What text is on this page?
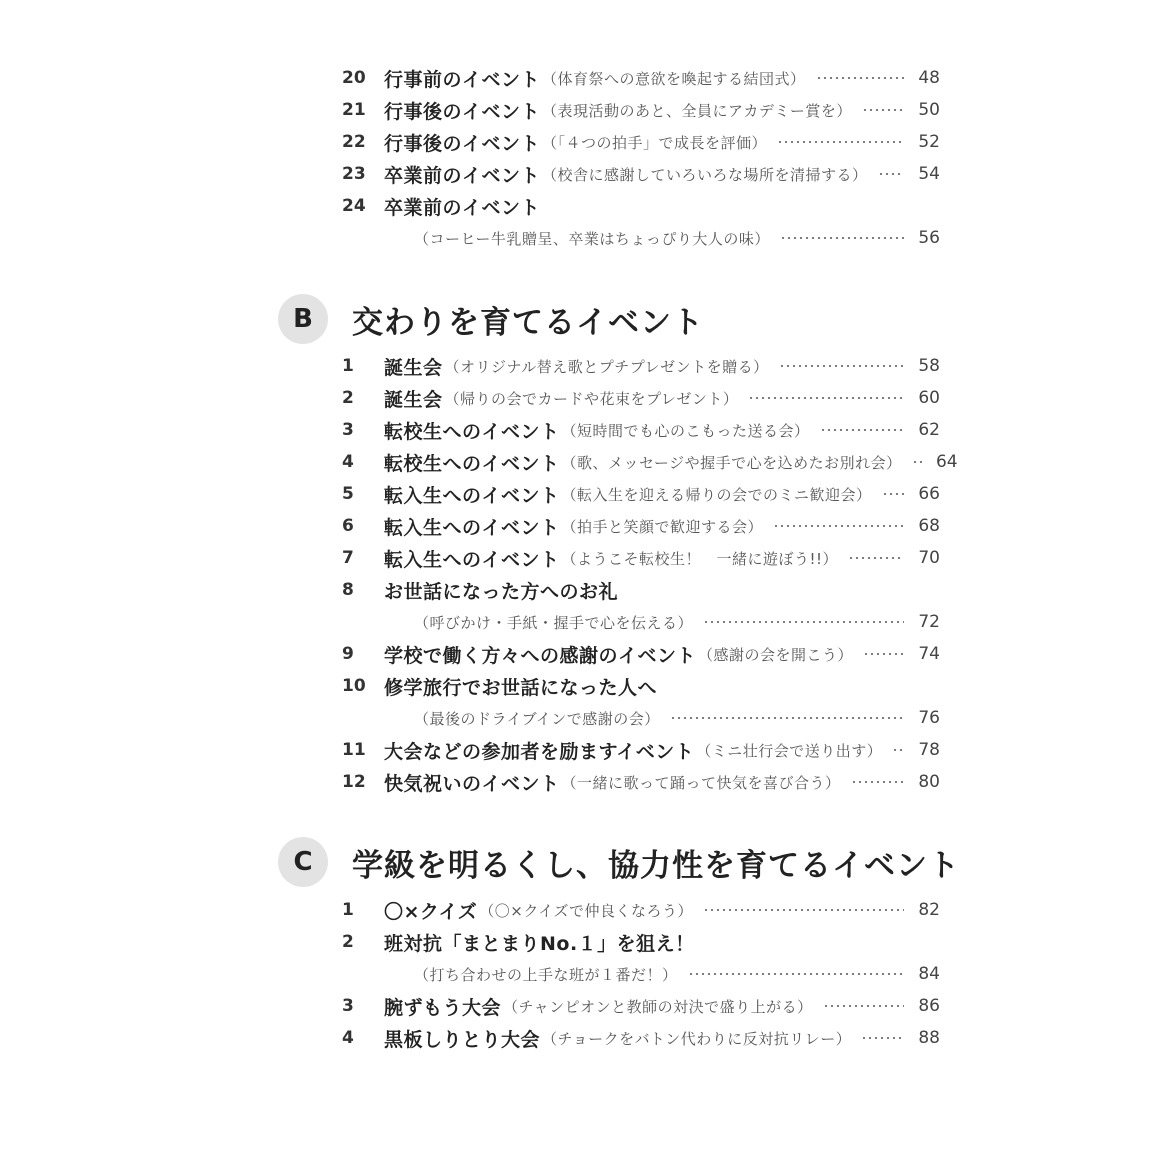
20 行事前のイベント （体育祭への意欲を喚起する結団式）	48
21 行事後のイベント （表現活動のあと、全員にアカデミー賞を）	50
22 行事後のイベント （「４つの拍手」で成長を評価）	52
23 卒業前のイベント （校舎に感謝していろいろな場所を清掃する）	54
24 卒業前のイベント
（コーヒー牛乳贈呈、卒業はちょっぴり大人の味）	56
B	交わりを育てるイベント
1	誕生会 （オリジナル替え歌とプチプレゼントを贈る）	58
2	誕生会 （帰りの会でカードや花束をプレゼント）	60
3	転校生へのイベント （短時間でも心のこもった送る会）	62
4	転校生へのイベント （歌、メッセージや握手で心を込めたお別れ会） 64
5	転入生へのイベント （転入生を迎える帰りの会でのミニ歓迎会）	66
6	転入生へのイベント （拍手と笑顔で歓迎する会）	68
7	転入生へのイベント （ようこそ転校生！　一緒に遊ぼう!!）	70
8	お世話になった方へのお礼
（呼びかけ・手紙・握手で心を伝える）	72
9	学校で働く方々への感謝のイベント （感謝の会を開こう）	74
10 修学旅行でお世話になった人へ
（最後のドライブインで感謝の会）	76
11 大会などの参加者を励ますイベント （ミニ壮行会で送り出す） 78
12 快気祝いのイベント （一緒に歌って踊って快気を喜び合う）	80
C	学級を明るくし、協力性を育てるイベント
1	〇×クイズ （〇×クイズで仲良くなろう）	82
2	班対抗「まとまりNo.１」を狙え！
（打ち合わせの上手な班が１番だ！）	84
3	腕ずもう大会 （チャンピオンと教師の対決で盛り上がる）	86
4	黒板しりとり大会 （チョークをバトン代わりに反対抗リレー）	88
